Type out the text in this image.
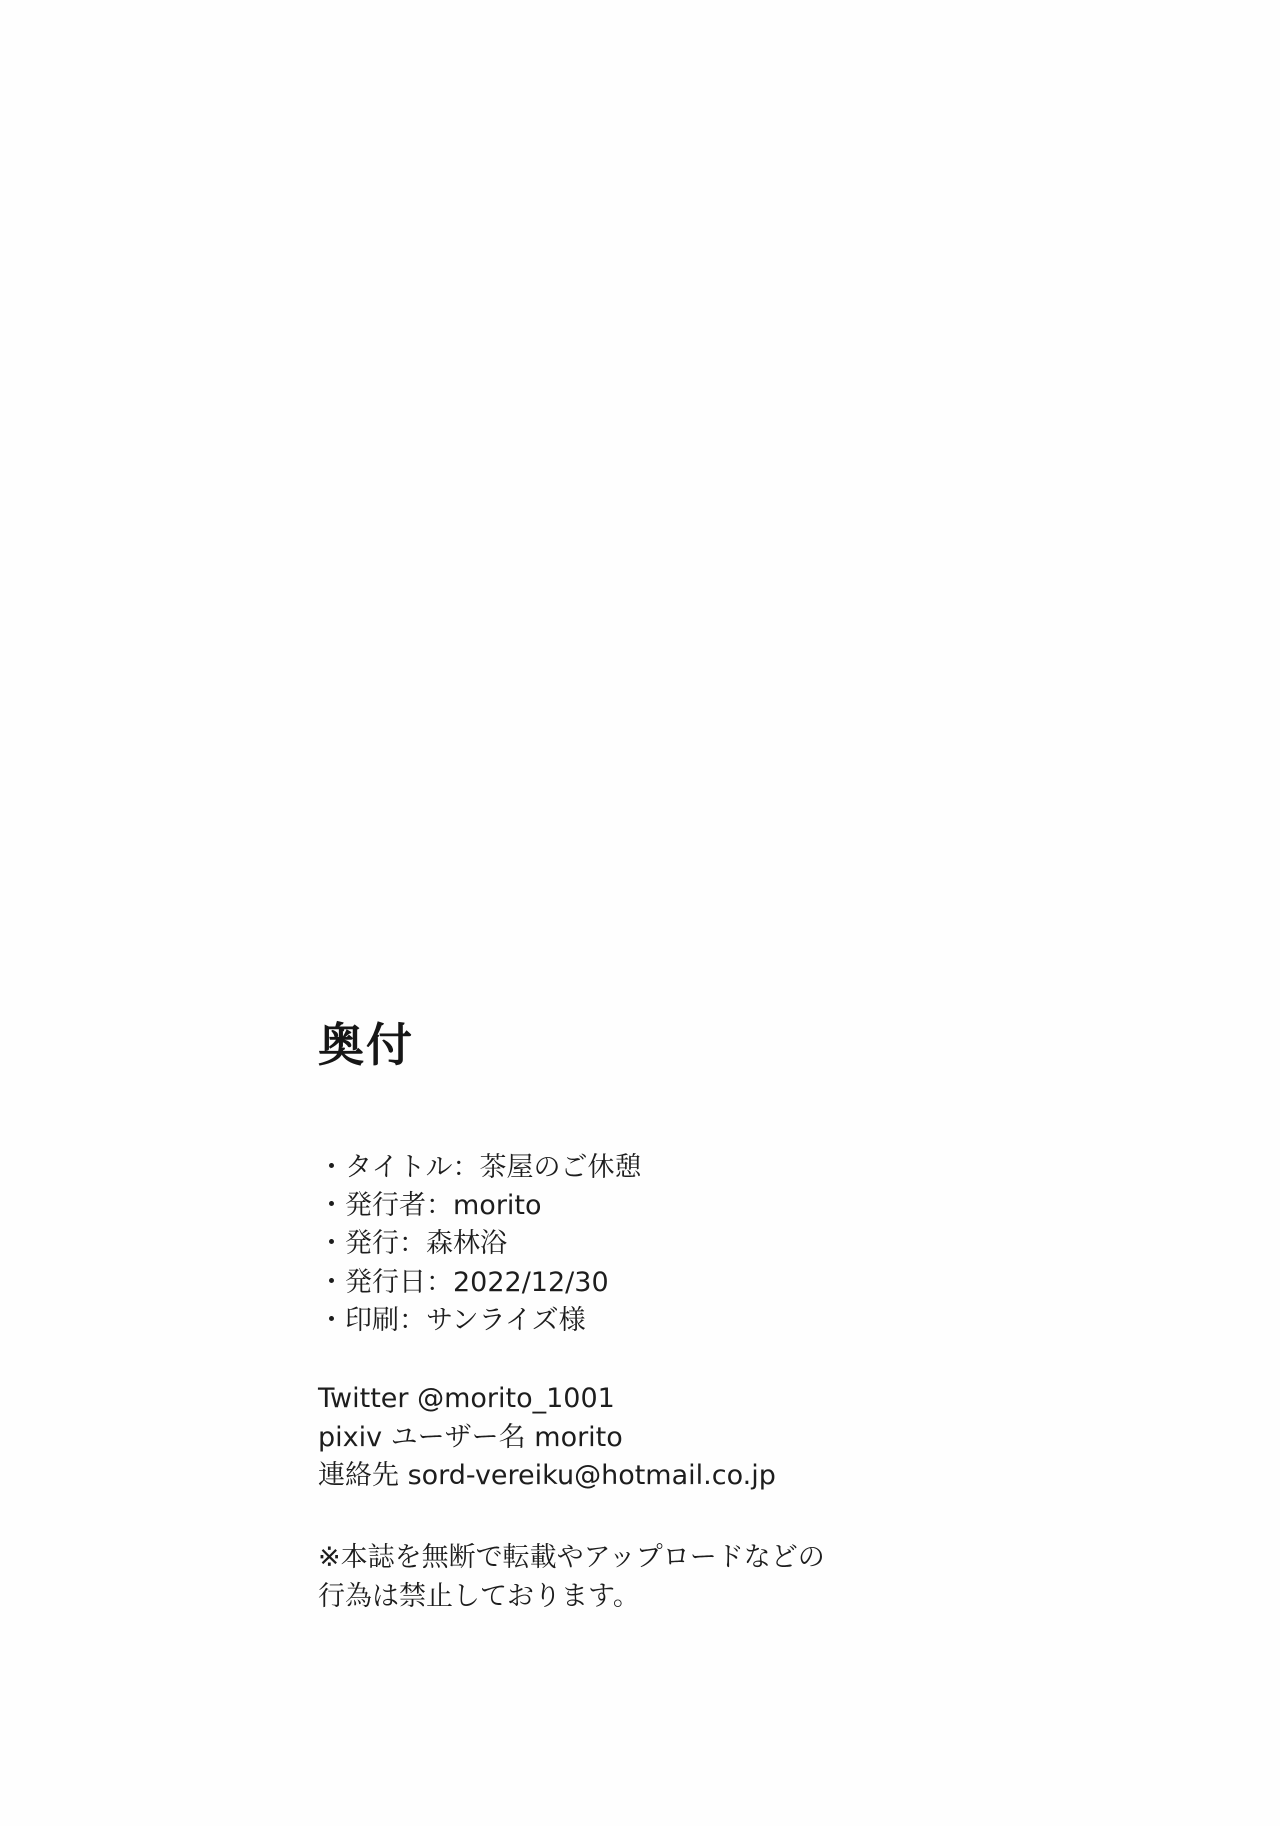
奥付
・タイトル：茶屋のご休憩
・発行者：morito
・発行：森林浴
・発行日：2022/12/30
・印刷：サンライズ様
Twitter @morito_1001
pixiv ユーザー名 morito
連絡先 sord-vereiku@hotmail.co.jp
※本誌を無断で転載やアップロードなどの
行為は禁止しております。
